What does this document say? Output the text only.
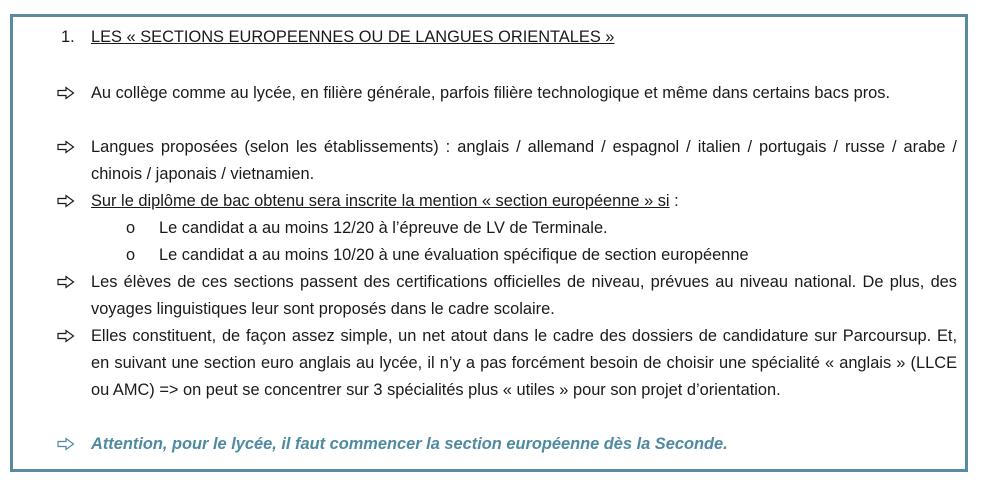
1. LES « SECTIONS EUROPEENNES OU DE LANGUES ORIENTALES »
Au collège comme au lycée, en filière générale, parfois filière technologique et même dans certains bacs pros.
Langues proposées (selon les établissements) : anglais / allemand / espagnol / italien / portugais / russe / arabe / chinois / japonais / vietnamien.
Sur le diplôme de bac obtenu sera inscrite la mention « section européenne » si :
o Le candidat a au moins 12/20 à l’épreuve de LV de Terminale.
o Le candidat a au moins 10/20 à une évaluation spécifique de section européenne
Les élèves de ces sections passent des certifications officielles de niveau, prévues au niveau national. De plus, des voyages linguistiques leur sont proposés dans le cadre scolaire.
Elles constituent, de façon assez simple, un net atout dans le cadre des dossiers de candidature sur Parcoursup. Et, en suivant une section euro anglais au lycée, il n’y a pas forcément besoin de choisir une spécialité « anglais » (LLCE ou AMC) => on peut se concentrer sur 3 spécialités plus « utiles » pour son projet d’orientation.
Attention, pour le lycée, il faut commencer la section européenne dès la Seconde.
